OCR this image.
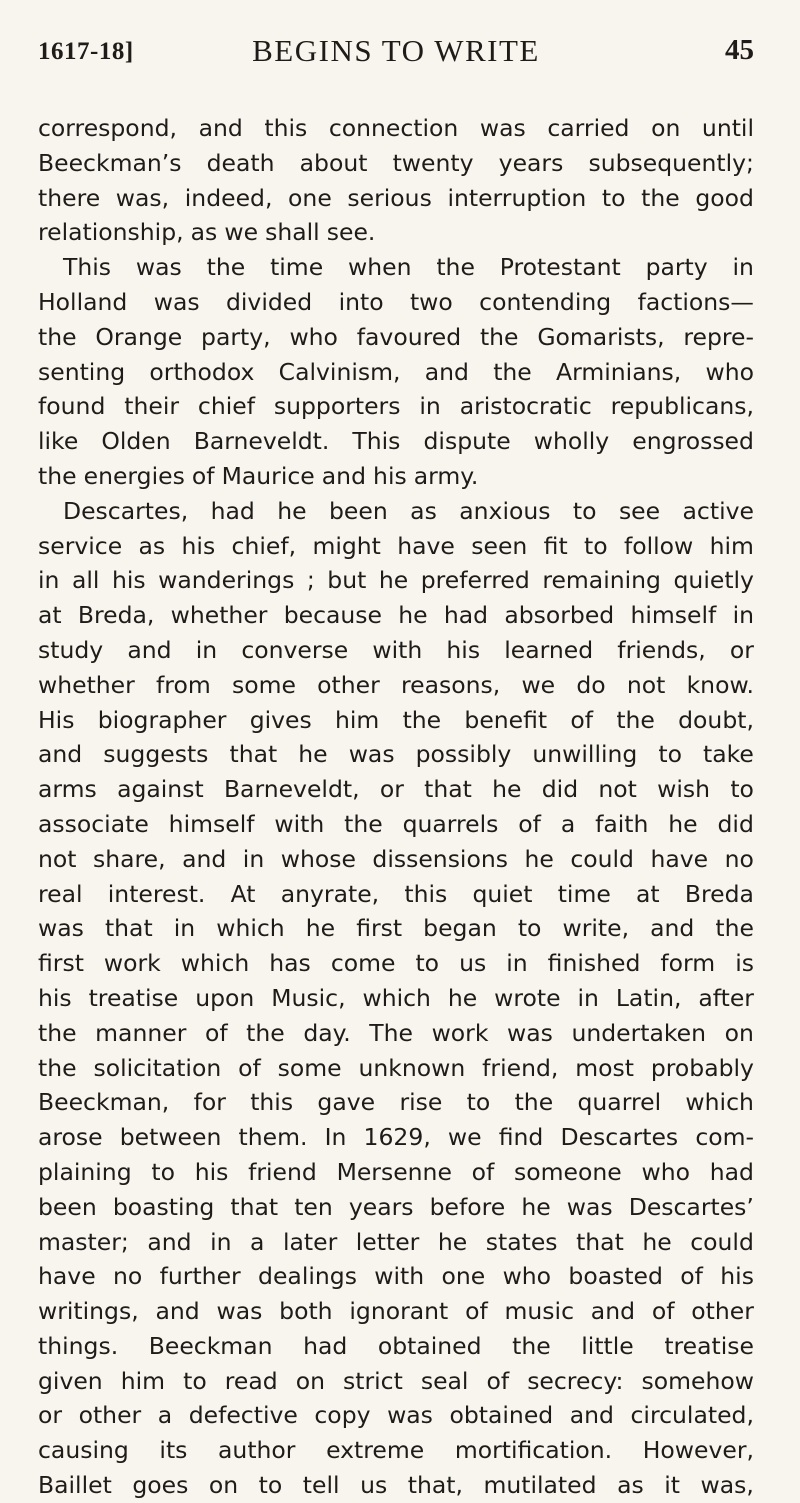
1617-18]	BEGINS TO WRITE	45
correspond, and this connection was carried on until
Beeckman’s death about twenty years subsequently;
there was, indeed, one serious interruption to the good
relationship, as we shall see.
This was the time when the Protestant party in
Holland was divided into two contending factions—
the Orange party, who favoured the Gomarists, repre-
senting orthodox Calvinism, and the Arminians, who
found their chief supporters in aristocratic republicans,
like Olden Barneveldt. This dispute wholly engrossed
the energies of Maurice and his army.
Descartes, had he been as anxious to see active
service as his chief, might have seen fit to follow him
in all his wanderings ; but he preferred remaining quietly
at Breda, whether because he had absorbed himself in
study and in converse with his learned friends, or
whether from some other reasons, we do not know.
His biographer gives him the benefit of the doubt,
and suggests that he was possibly unwilling to take
arms against Barneveldt, or that he did not wish to
associate himself with the quarrels of a faith he did
not share, and in whose dissensions he could have no
real interest. At anyrate, this quiet time at Breda
was that in which he first began to write, and the
first work which has come to us in finished form is
his treatise upon Music, which he wrote in Latin, after
the manner of the day. The work was undertaken on
the solicitation of some unknown friend, most probably
Beeckman, for this gave rise to the quarrel which
arose between them. In 1629, we find Descartes com-
plaining to his friend Mersenne of someone who had
been boasting that ten years before he was Descartes’
master; and in a later letter he states that he could
have no further dealings with one who boasted of his
writings, and was both ignorant of music and of other
things. Beeckman had obtained the little treatise
given him to read on strict seal of secrecy: somehow
or other a defective copy was obtained and circulated,
causing its author extreme mortification. However,
Baillet goes on to tell us that, mutilated as it was,
